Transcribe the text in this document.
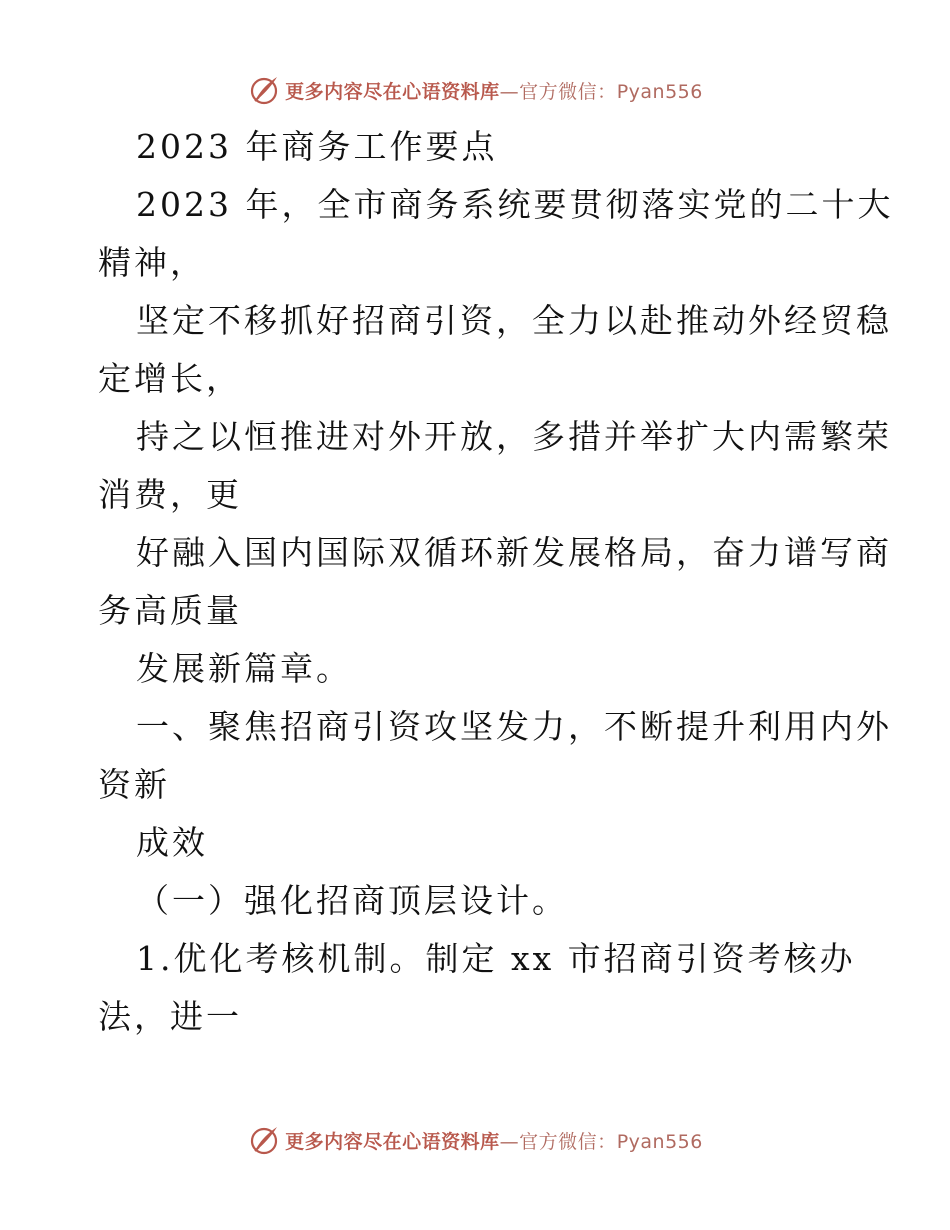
更多内容尽在心语资料库—官方微信：Pyan556
2023 年商务工作要点
2023 年，全市商务系统要贯彻落实党的二十大
精神，
坚定不移抓好招商引资，全力以赴推动外经贸稳
定增长，
持之以恒推进对外开放，多措并举扩大内需繁荣
消费，更
好融入国内国际双循环新发展格局，奋力谱写商
务高质量
发展新篇章。
一、聚焦招商引资攻坚发力，不断提升利用内外
资新
成效
（一）强化招商顶层设计。
1.优化考核机制。制定 xx 市招商引资考核办
法，进一
更多内容尽在心语资料库—官方微信：Pyan556
